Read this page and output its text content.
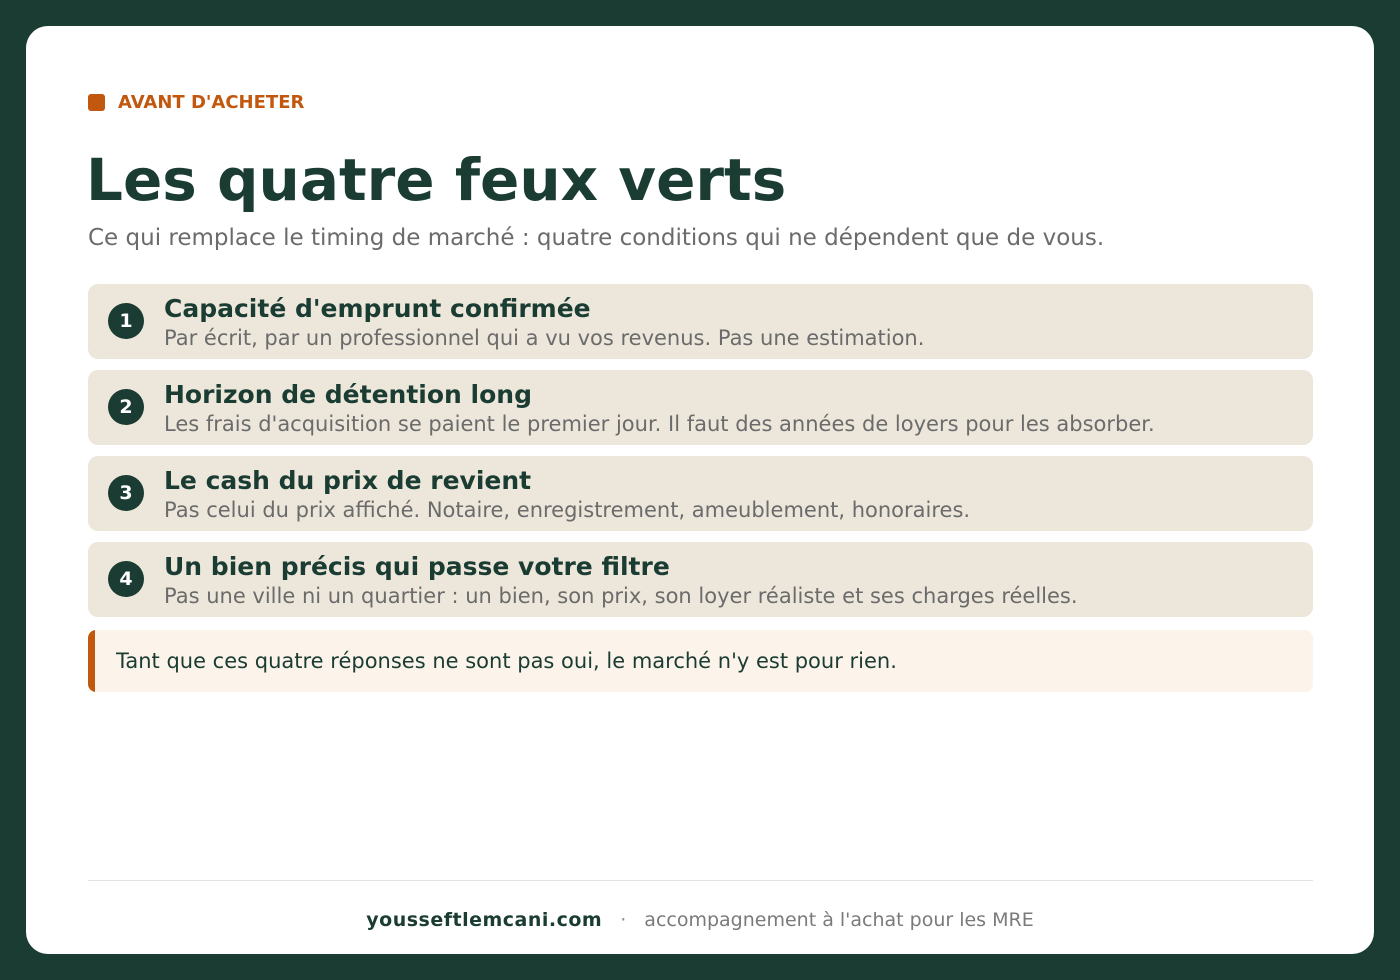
AVANT D'ACHETER
Les quatre feux verts
Ce qui remplace le timing de marché : quatre conditions qui ne dépendent que de vous.
1	Capacité d'emprunt confirmée
Par écrit, par un professionnel qui a vu vos revenus. Pas une estimation.
2	Horizon de détention long
Les frais d'acquisition se paient le premier jour. Il faut des années de loyers pour les absorber.
3	Le cash du prix de revient
Pas celui du prix affiché. Notaire, enregistrement, ameublement, honoraires.
4	Un bien précis qui passe votre filtre
Pas une ville ni un quartier : un bien, son prix, son loyer réaliste et ses charges réelles.
Tant que ces quatre réponses ne sont pas oui, le marché n'y est pour rien.
yousseftlemcani.com · accompagnement à l'achat pour les MRE
